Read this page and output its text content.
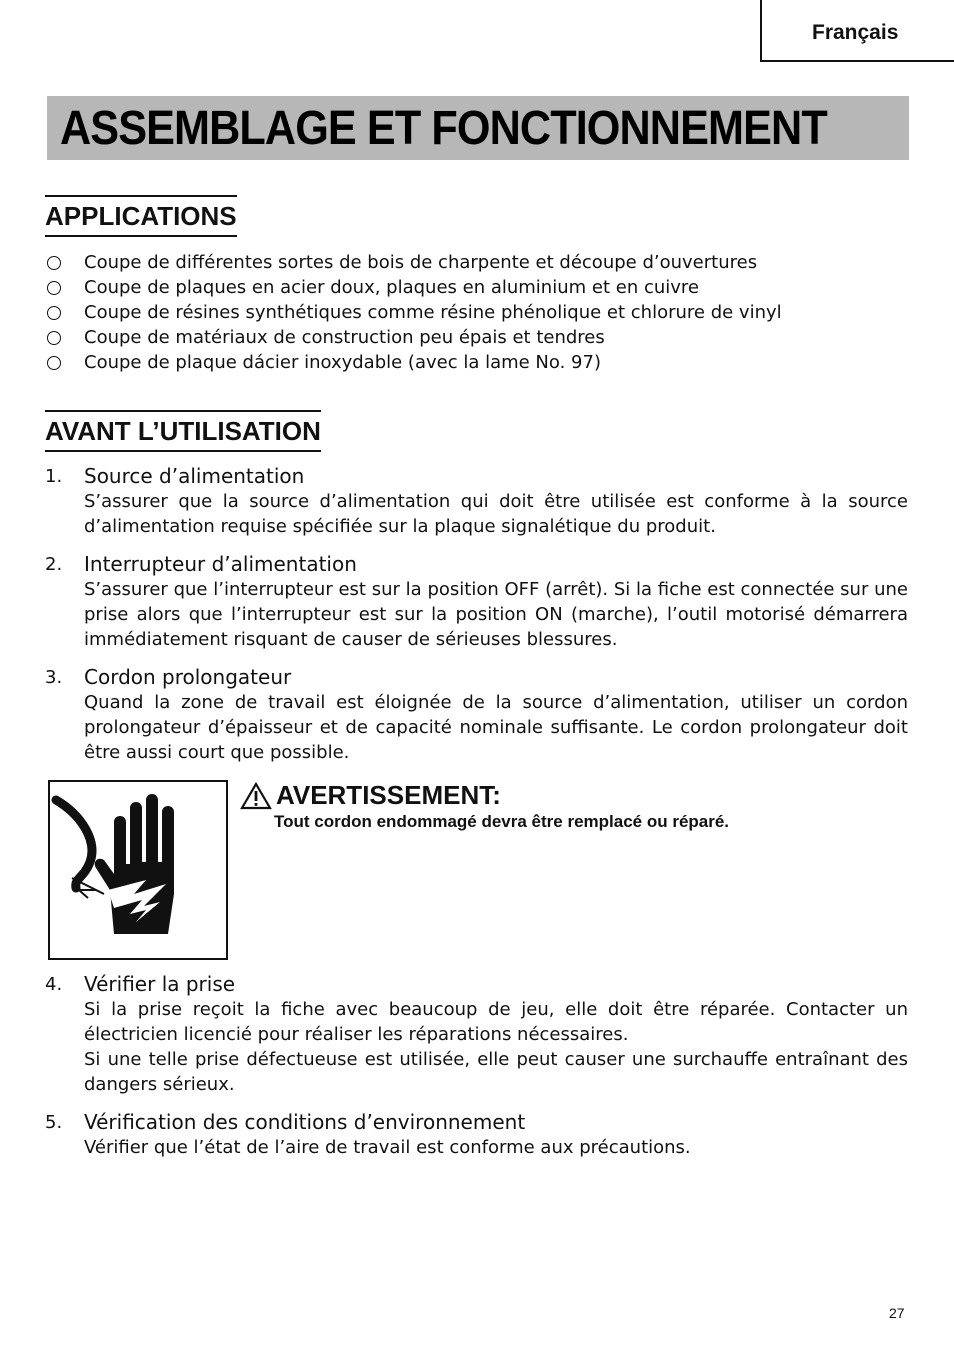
Français
ASSEMBLAGE ET FONCTIONNEMENT
APPLICATIONS
Coupe de différentes sortes de bois de charpente et découpe d’ouvertures
Coupe de plaques en acier doux, plaques en aluminium et en cuivre
Coupe de résines synthétiques comme résine phénolique et chlorure de vinyl
Coupe de matériaux de construction peu épais et tendres
Coupe de plaque dácier inoxydable (avec la lame No. 97)
AVANT L’UTILISATION
1. Source d’alimentation

S’assurer que la source d’alimentation qui doit être utilisée est conforme à la source d’alimentation requise spécifiée sur la plaque signalétique du produit.

2. Interrupteur d’alimentation

S’assurer que l’interrupteur est sur la position OFF (arrêt). Si la fiche est connectée sur une prise alors que l’interrupteur est sur la position ON (marche), l’outil motorisé démarrera immédiatement risquant de causer de sérieuses blessures.

3. Cordon prolongateur

Quand la zone de travail est éloignée de la source d’alimentation, utiliser un cordon prolongateur d’épaisseur et de capacité nominale suffisante. Le cordon prolongateur doit être aussi court que possible.

AVERTISSEMENT:
Tout cordon endommagé devra être remplacé ou réparé.
4. Vérifier la prise

Si la prise reçoit la fiche avec beaucoup de jeu, elle doit être réparée. Contacter un électricien licencié pour réaliser les réparations nécessaires.

Si une telle prise défectueuse est utilisée, elle peut causer une surchauffe entraînant des dangers sérieux.

5. Vérification des conditions d’environnement

Vérifier que l’état de l’aire de travail est conforme aux précautions.

27
